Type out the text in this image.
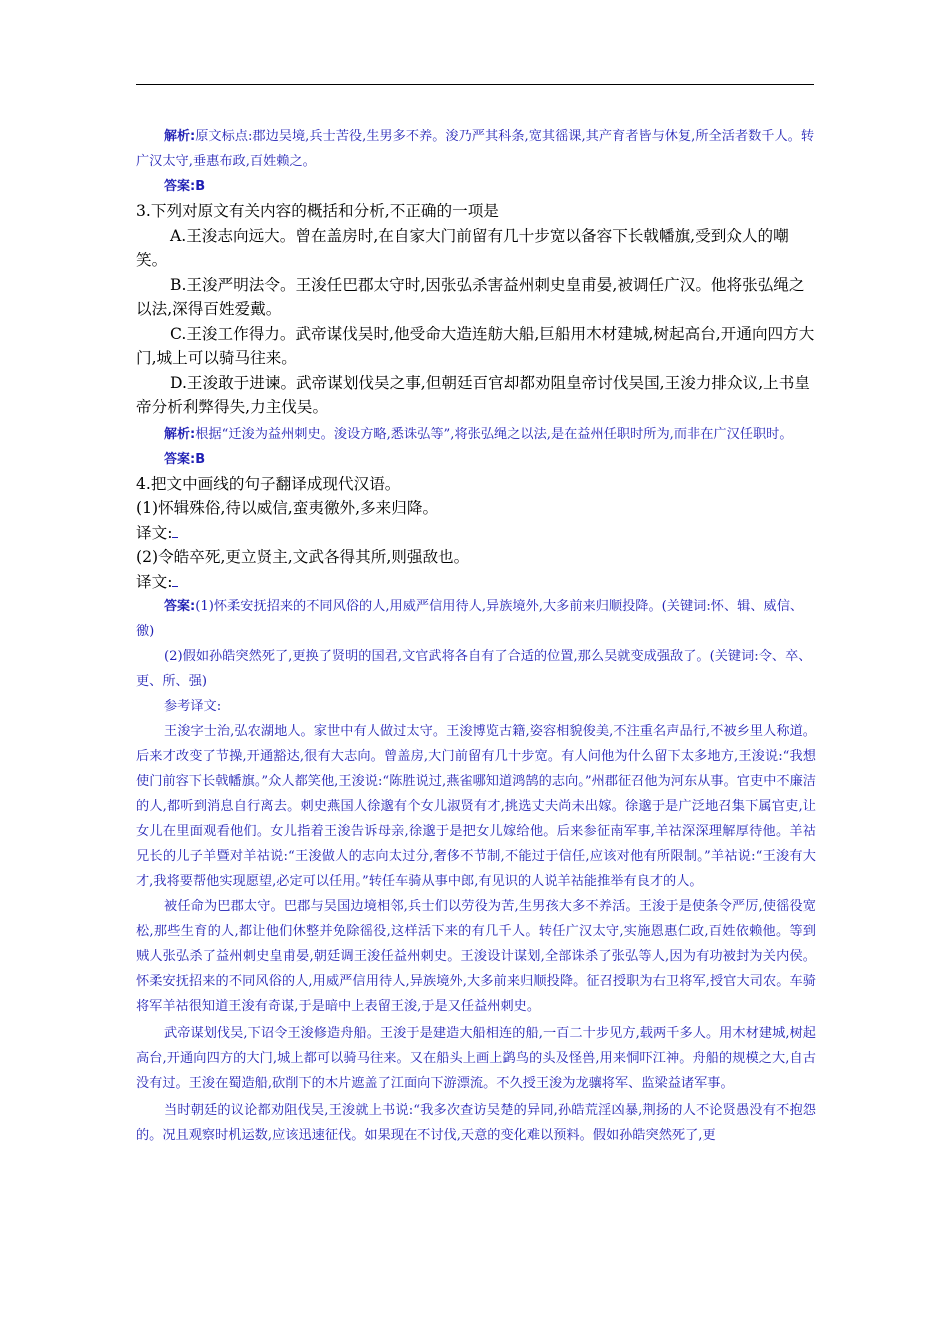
解析:原文标点:郡边吴境,兵士苦役,生男多不养。浚乃严其科条,宽其徭课,其产育者皆与休复,所全活者数千人。转广汉太守,垂惠布政,百姓赖之。

答案:B

3.下列对原文有关内容的概括和分析,不正确的一项是

A.王浚志向远大。曾在盖房时,在自家大门前留有几十步宽以备容下长戟幡旗,受到众人的嘲笑。

B.王浚严明法令。王浚任巴郡太守时,因张弘杀害益州刺史皇甫晏,被调任广汉。他将张弘绳之以法,深得百姓爱戴。

C.王浚工作得力。武帝谋伐吴时,他受命大造连舫大船,巨船用木材建城,树起高台,开通向四方大门,城上可以骑马往来。

D.王浚敢于进谏。武帝谋划伐吴之事,但朝廷百官却都劝阻皇帝讨伐吴国,王浚力排众议,上书皇帝分析利弊得失,力主伐吴。

解析:根据“迁浚为益州刺史。浚设方略,悉诛弘等”,将张弘绳之以法,是在益州任职时所为,而非在广汉任职时。

答案:B

4.把文中画线的句子翻译成现代汉语。

(1)怀辑殊俗,待以威信,蛮夷徼外,多来归降。

译文:

(2)令皓卒死,更立贤主,文武各得其所,则强敌也。

译文:

答案:(1)怀柔安抚招来的不同风俗的人,用威严信用待人,异族境外,大多前来归顺投降。(关键词:怀、辑、威信、徼)

(2)假如孙皓突然死了,更换了贤明的国君,文官武将各自有了合适的位置,那么吴就变成强敌了。(关键词:令、卒、更、所、强)

参考译文:

王浚字士治,弘农湖地人。家世中有人做过太守。王浚博览古籍,姿容相貌俊美,不注重名声品行,不被乡里人称道。后来才改变了节操,开通豁达,很有大志向。曾盖房,大门前留有几十步宽。有人问他为什么留下太多地方,王浚说:“我想使门前容下长戟幡旗。”众人都笑他,王浚说:“陈胜说过,燕雀哪知道鸿鹄的志向。”州郡征召他为河东从事。官吏中不廉洁的人,都听到消息自行离去。刺史燕国人徐邈有个女儿淑贤有才,挑选丈夫尚未出嫁。徐邈于是广泛地召集下属官吏,让女儿在里面观看他们。女儿指着王浚告诉母亲,徐邈于是把女儿嫁给他。后来参征南军事,羊祜深深理解厚待他。羊祜兄长的儿子羊暨对羊祜说:“王浚做人的志向太过分,奢侈不节制,不能过于信任,应该对他有所限制。”羊祜说:“王浚有大才,我将要帮他实现愿望,必定可以任用。”转任车骑从事中郎,有见识的人说羊祜能推举有良才的人。

被任命为巴郡太守。巴郡与吴国边境相邻,兵士们以劳役为苦,生男孩大多不养活。王浚于是使条令严厉,使徭役宽松,那些生育的人,都让他们休整并免除徭役,这样活下来的有几千人。转任广汉太守,实施恩惠仁政,百姓依赖他。等到贼人张弘杀了益州刺史皇甫晏,朝廷调王浚任益州刺史。王浚设计谋划,全部诛杀了张弘等人,因为有功被封为关内侯。怀柔安抚招来的不同风俗的人,用威严信用待人,异族境外,大多前来归顺投降。征召授职为右卫将军,授官大司农。车骑将军羊祜很知道王浚有奇谋,于是暗中上表留王浚,于是又任益州刺史。

武帝谋划伐吴,下诏令王浚修造舟船。王浚于是建造大船相连的船,一百二十步见方,载两千多人。用木材建城,树起高台,开通向四方的大门,城上都可以骑马往来。又在船头上画上鹢鸟的头及怪兽,用来恫吓江神。舟船的规模之大,自古没有过。王浚在蜀造船,砍削下的木片遮盖了江面向下游漂流。不久授王浚为龙骧将军、监梁益诸军事。

当时朝廷的议论都劝阻伐吴,王浚就上书说:“我多次查访吴楚的异同,孙皓荒淫凶暴,荆扬的人不论贤愚没有不抱怨的。况且观察时机运数,应该迅速征伐。如果现在不讨伐,天意的变化难以预料。假如孙皓突然死了,更
